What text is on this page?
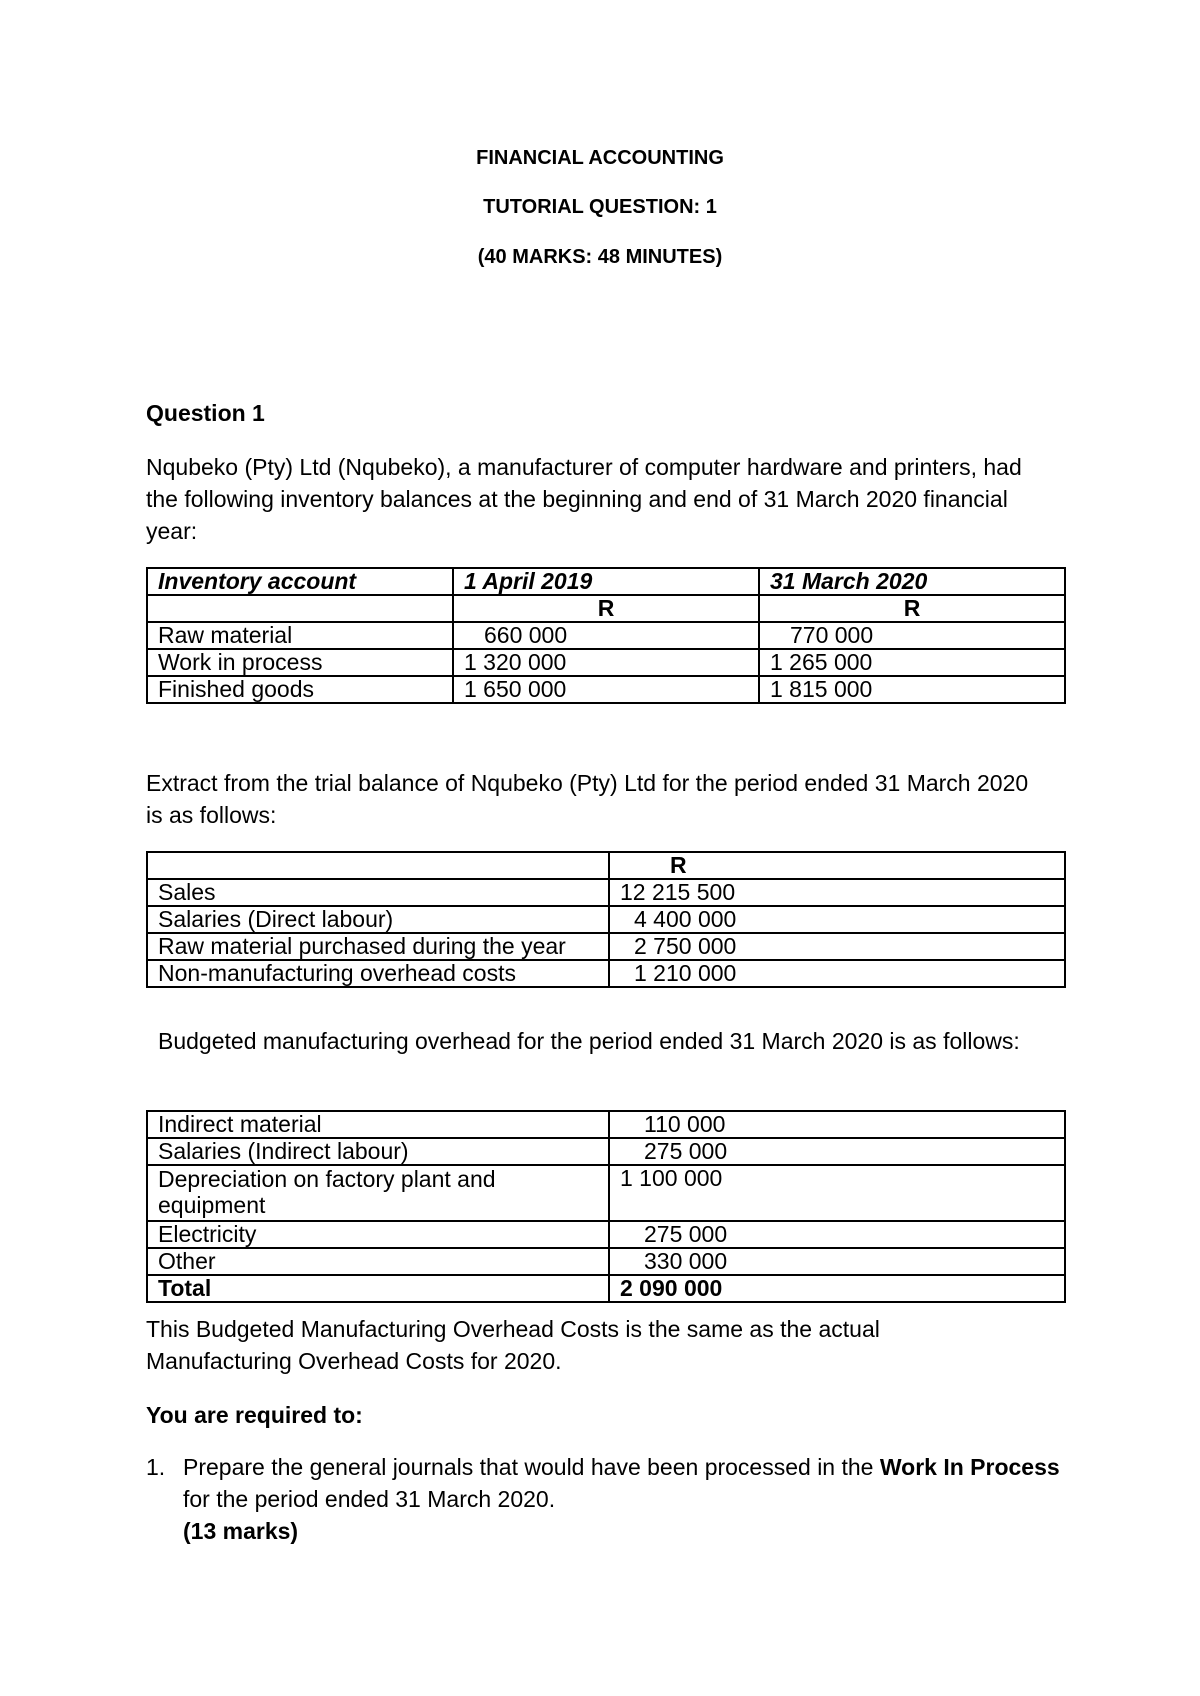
FINANCIAL ACCOUNTING
TUTORIAL QUESTION: 1
(40 MARKS: 48 MINUTES)
Question 1
Nqubeko (Pty) Ltd (Nqubeko), a manufacturer of computer hardware and printers, had the following inventory balances at the beginning and end of 31 March 2020 financial year:
Inventory account	1 April 2019	31 March 2020
	R	R
Raw material	660 000	770 000
Work in process	1 320 000	1 265 000
Finished goods	1 650 000	1 815 000
Extract from the trial balance of Nqubeko (Pty) Ltd for the period ended 31 March 2020 is as follows:
	R
Sales	12 215 500
Salaries (Direct labour)	4 400 000
Raw material purchased during the year	2 750 000
Non-manufacturing overhead costs	1 210 000
Budgeted manufacturing overhead for the period ended 31 March 2020 is as follows:
Indirect material	110 000
Salaries (Indirect labour)	275 000
Depreciation on factory plant and equipment	1 100 000
Electricity	275 000
Other	330 000
Total	2 090 000
This Budgeted Manufacturing Overhead Costs is the same as the actual Manufacturing Overhead Costs for 2020.
You are required to:
1. Prepare the general journals that would have been processed in the Work In Process for the period ended 31 March 2020.
(13 marks)
